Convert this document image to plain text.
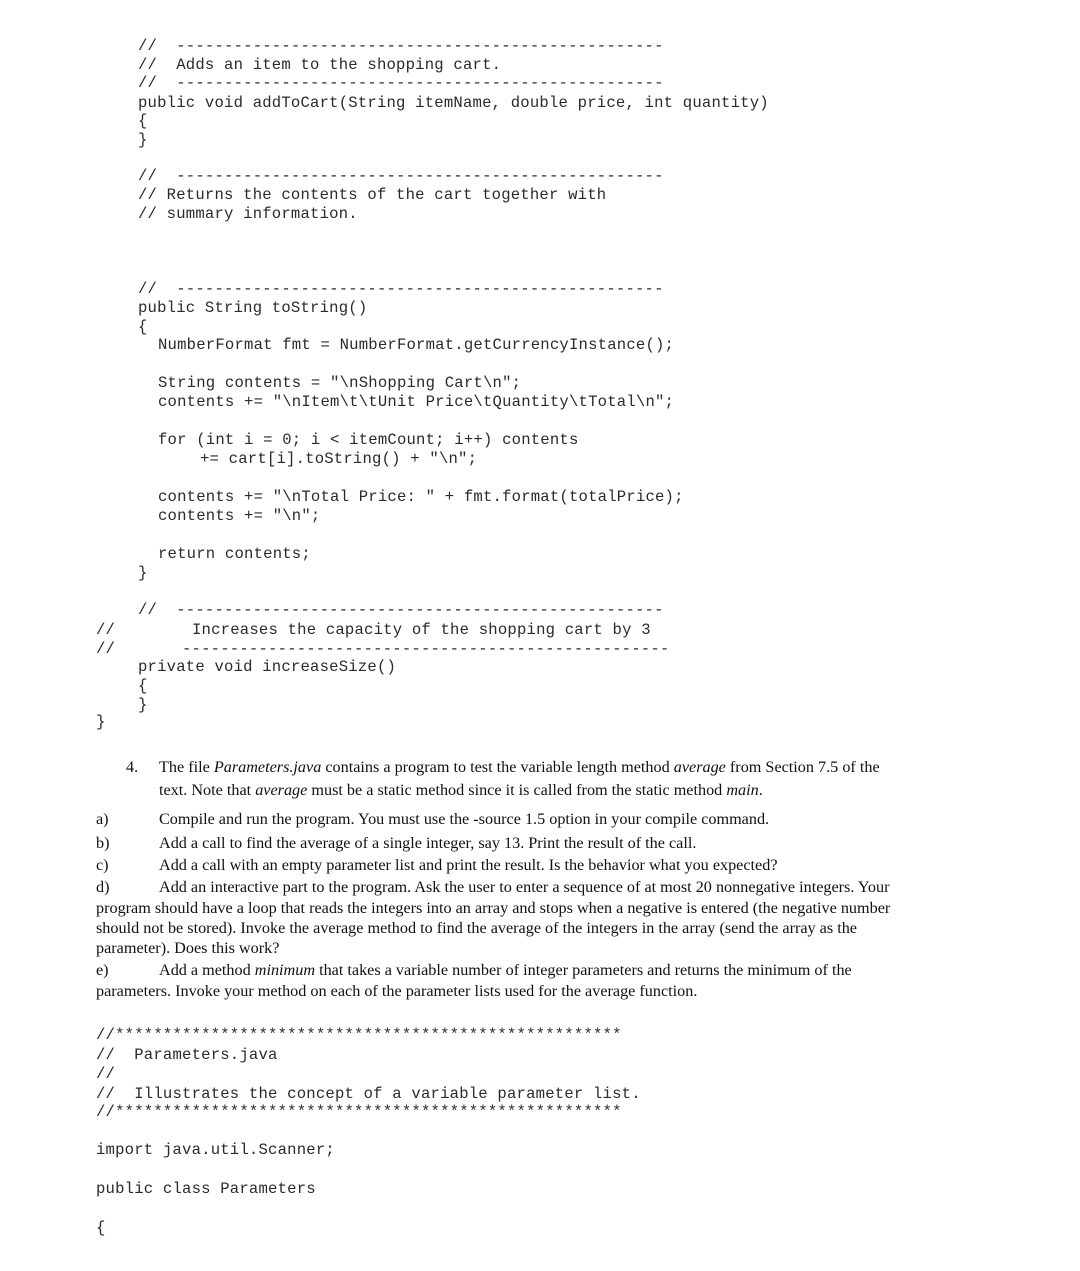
//  ---------------------------------------------------
//  Adds an item to the shopping cart.
//  ---------------------------------------------------
public void addToCart(String itemName, double price, int quantity)
{
}
//  ---------------------------------------------------
// Returns the contents of the cart together with
// summary information.
//  ---------------------------------------------------
public String toString()
{
NumberFormat fmt = NumberFormat.getCurrencyInstance();
String contents = "\nShopping Cart\n";
contents += "\nItem\t\tUnit Price\tQuantity\tTotal\n";
for (int i = 0; i < itemCount; i++) contents
+= cart[i].toString() + "\n";
contents += "\nTotal Price: " + fmt.format(totalPrice);
contents += "\n";
return contents;
}
//  ---------------------------------------------------
//	Increases the capacity of the shopping cart by 3
//	---------------------------------------------------
private void increaseSize()
{
}
}
4. The file Parameters.java contains a program to test the variable length method average from Section 7.5 of the
text. Note that average must be a static method since it is called from the static method main.
a)	Compile and run the program. You must use the -source 1.5 option in your compile command.
b)	Add a call to find the average of a single integer, say 13. Print the result of the call.
c)	Add a call with an empty parameter list and print the result. Is the behavior what you expected?
d)	Add an interactive part to the program. Ask the user to enter a sequence of at most 20 nonnegative integers. Your
program should have a loop that reads the integers into an array and stops when a negative is entered (the negative number
should not be stored). Invoke the average method to find the average of the integers in the array (send the array as the
parameter). Does this work?
e)	Add a method minimum that takes a variable number of integer parameters and returns the minimum of the
parameters. Invoke your method on each of the parameter lists used for the average function.
//*****************************************************
//  Parameters.java
//
//  Illustrates the concept of a variable parameter list.
//*****************************************************
import java.util.Scanner;
public class Parameters
{
